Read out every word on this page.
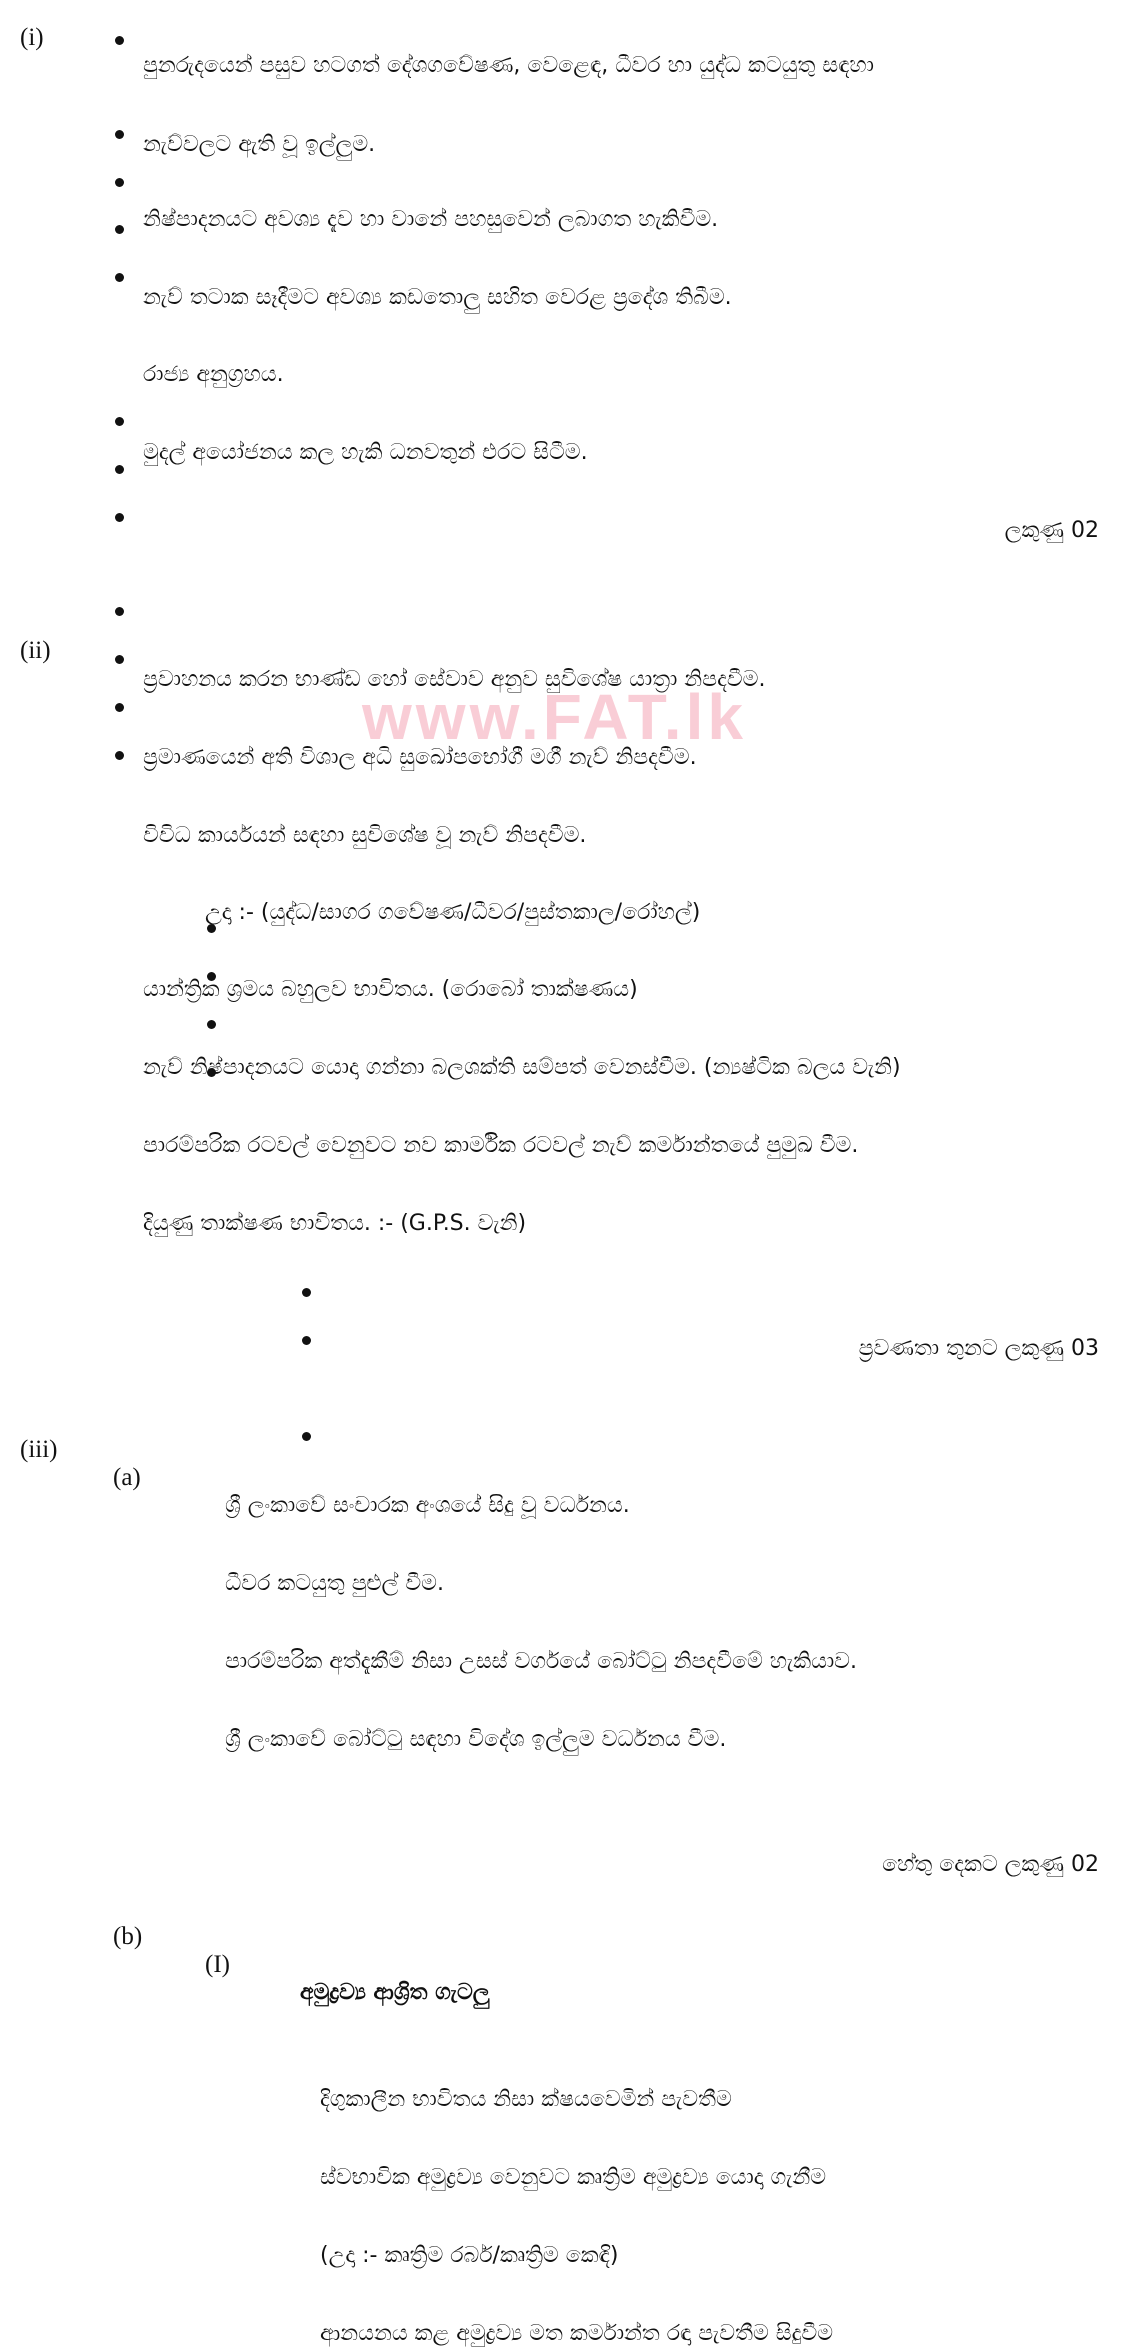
www.FAT.lk
(i)
පුනරුදයෙන් පසුව හටගත් දේශගවේෂණ, වෙළෙඳ, ධීවර හා යුද්ධ කටයුතු සඳහා
නැව්වලට ඇති වූ ඉල්ලුම.
නිෂ්පාදනයට අවශ්‍ය දැව හා වානේ පහසුවෙන් ලබාගත හැකිවීම.
නැව් තටාක සෑදීමට අවශ්‍ය කඩතොලු සහිත වෙරළ ප්‍රදේශ තිබීම.
රාජ්‍ය අනුග්‍රහය.
මුදල් අයෝජනය කල හැකි ධනවතුන් එරට සිටීම.
ලකුණු 02
(ii)
ප්‍රවාහනය කරන භාණ්ඩ හෝ සේවාව අනුව සුවිශේෂ යාත්‍රා නිපදවීම.
ප්‍රමාණයෙන් අති විශාල අධි සුඛෝපභෝගී මගී නැව් නිපදවීම.
විවිධ කාර්යයන් සඳහා සුවිශේෂ වූ නැව් නිපදවීම.
උදා :- (යුද්ධ/සාගර ගවේෂණ/ධීවර/පුස්තකාල/රෝහල්)
යාන්ත්‍රික ශ්‍රමය බහුලව භාවිතය. (රොබෝ තාක්ෂණය)
නැව් නිෂ්පාදනයට යොදා ගන්නා බලශක්ති සම්පත් වෙනස්වීම. (න්‍යෂ්ටික බලය වැනි)
පාරම්පරික රටවල් වෙනුවට නව කාර්මික රටවල් නැව් කර්මාන්තයේ පුමුඛ වීම.
දියුණු තාක්ෂණ භාවිතය. :- (G.P.S. වැනි)
ප්‍රවණතා තුනට ලකුණු 03
(iii)
(a)
ශ්‍රී ලංකාවේ සංචාරක අංශයේ සිදු වූ වර්ධනය.
ධීවර කටයුතු පුළුල් වීම.
පාරම්පරික අත්දැකීම් නිසා උසස් වර්ගයේ බෝට්ටු නිපදවීමේ හැකියාව.
ශ්‍රී ලංකාවේ බෝට්ටු සඳහා විදේශ ඉල්ලුම වර්ධනය වීම.
හේතු දෙකට ලකුණු 02
(b)
(I)
අමුද්‍රව්‍ය ආශ්‍රිත ගැටලු
දිගුකාලීන භාවිතය නිසා ක්ෂයවෙමින් පැවතීම
ස්වභාවික අමුද්‍රව්‍ය වෙනුවට කෘත්‍රිම අමුද්‍රව්‍ය යොදා ගැනීම
(උදා :- කෘත්‍රිම රබර්/කෘත්‍රිම කෙඳි)
ආනයනය කළ අමුද්‍රව්‍ය මත කර්මාන්ත රඳා පැවතීම සිදුවීම
